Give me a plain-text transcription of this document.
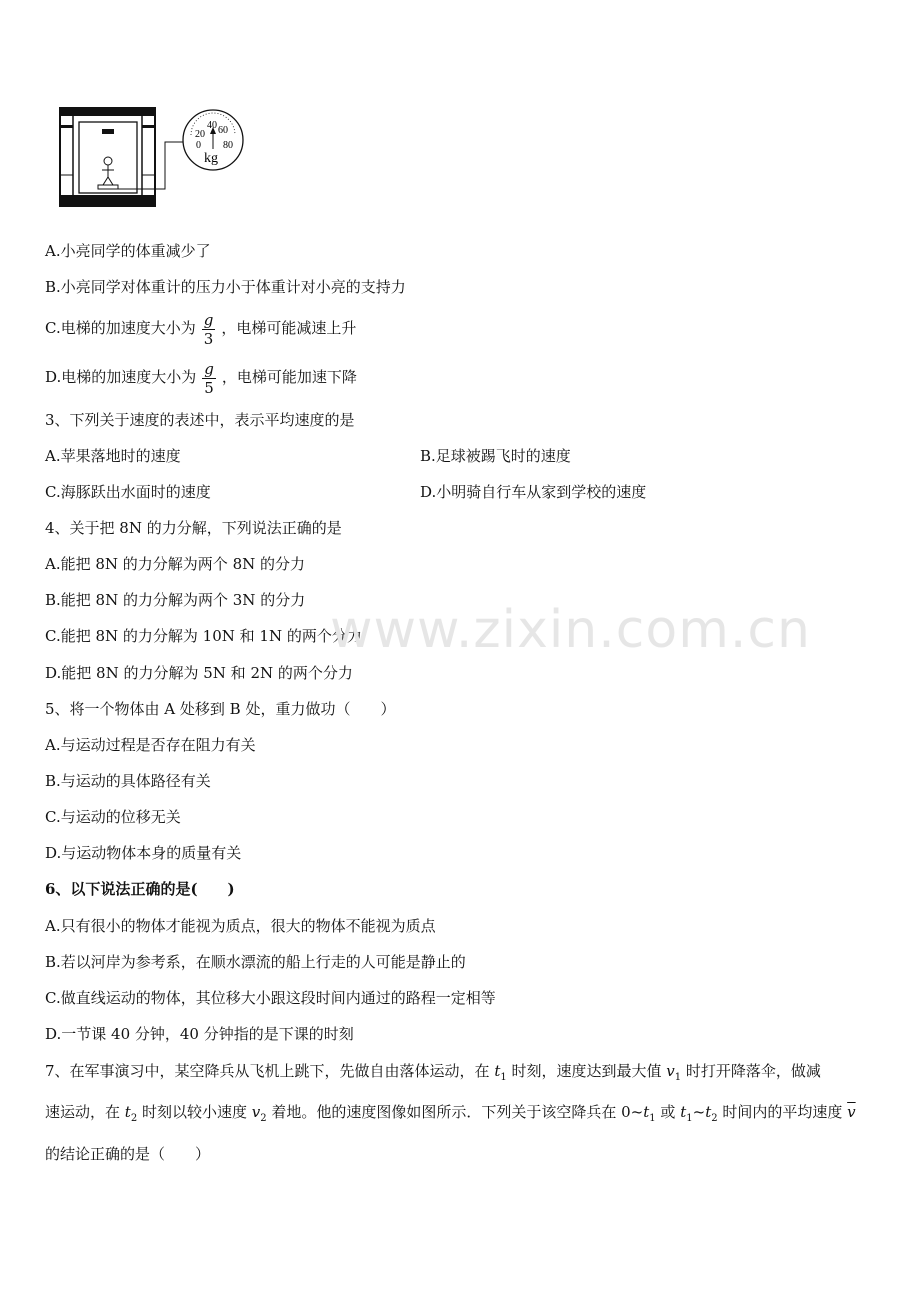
40
20 60
0 80
kg
A.小亮同学的体重减少了
B.小亮同学对体重计的压力小于体重计对小亮的支持力
C.电梯的加速度大小为 $\frac{g}{3}$ ，电梯可能减速上升
D.电梯的加速度大小为 $\frac{g}{5}$ ，电梯可能加速下降
3、下列关于速度的表述中，表示平均速度的是
A.苹果落地时的速度	B.足球被踢飞时的速度
C.海豚跃出水面时的速度	D.小明骑自行车从家到学校的速度
4、关于把 8N 的力分解，下列说法正确的是
A.能把 8N 的力分解为两个 8N 的分力
B.能把 8N 的力分解为两个 3N 的分力
C.能把 8N 的力分解为 10N 和 1N 的两个分力
D.能把 8N 的力分解为 5N 和 2N 的两个分力
www.zixin.com.cn
5、将一个物体由 A 处移到 B 处，重力做功（　　）
A.与运动过程是否存在阻力有关
B.与运动的具体路径有关
C.与运动的位移无关
D.与运动物体本身的质量有关
6、以下说法正确的是(　　)
A.只有很小的物体才能视为质点，很大的物体不能视为质点
B.若以河岸为参考系，在顺水漂流的船上行走的人可能是静止的
C.做直线运动的物体，其位移大小跟这段时间内通过的路程一定相等
D.一节课 40 分钟，40 分钟指的是下课的时刻
7、在军事演习中，某空降兵从飞机上跳下，先做自由落体运动，在 $t_1$ 时刻，速度达到最大值 $v_1$ 时打开降落伞，做减
速运动，在 $t_2$ 时刻以较小速度 $v_2$ 着地。他的速度图像如图所示．下列关于该空降兵在 $0\sim t_1$ 或 $t_1\sim t_2$ 时间内的平均速度 $\overline{v}$
的结论正确的是（　　）
